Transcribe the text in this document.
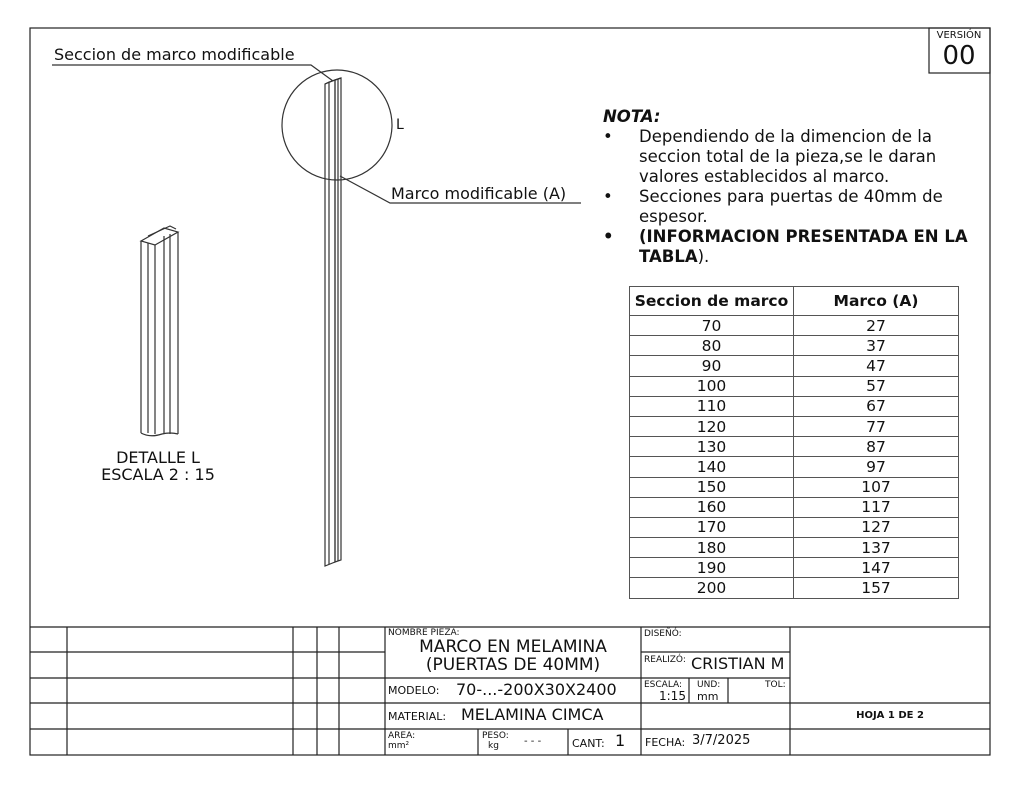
VERSIÓN
00
Seccion de marco modificable
L
Marco modificable (A)
DETALLE L
ESCALA 2 : 15
NOTA:
• Dependiendo de la dimencion de la seccion total de la pieza,se le daran valores establecidos al marco.
• Secciones para puertas de 40mm de espesor.
• (INFORMACION PRESENTADA EN LA TABLA).
Seccion de marco	Marco (A)
70	27
80	37
90	47
100	57
110	67
120	77
130	87
140	97
150	107
160	117
170	127
180	137
190	147
200	157
NOMBRE PIEZA:
MARCO EN MELAMINA
(PUERTAS DE 40MM)
MODELO: 70-...-200X30X2400
MATERIAL: MELAMINA CIMCA
AREA:
mm²
PESO:
kg	- - -	CANT: 1
DISEÑÓ:
REALIZÓ: CRISTIAN M
ESCALA:
1:15
UND:
mm
TOL:
FECHA: 3/7/2025
HOJA 1 DE 2
